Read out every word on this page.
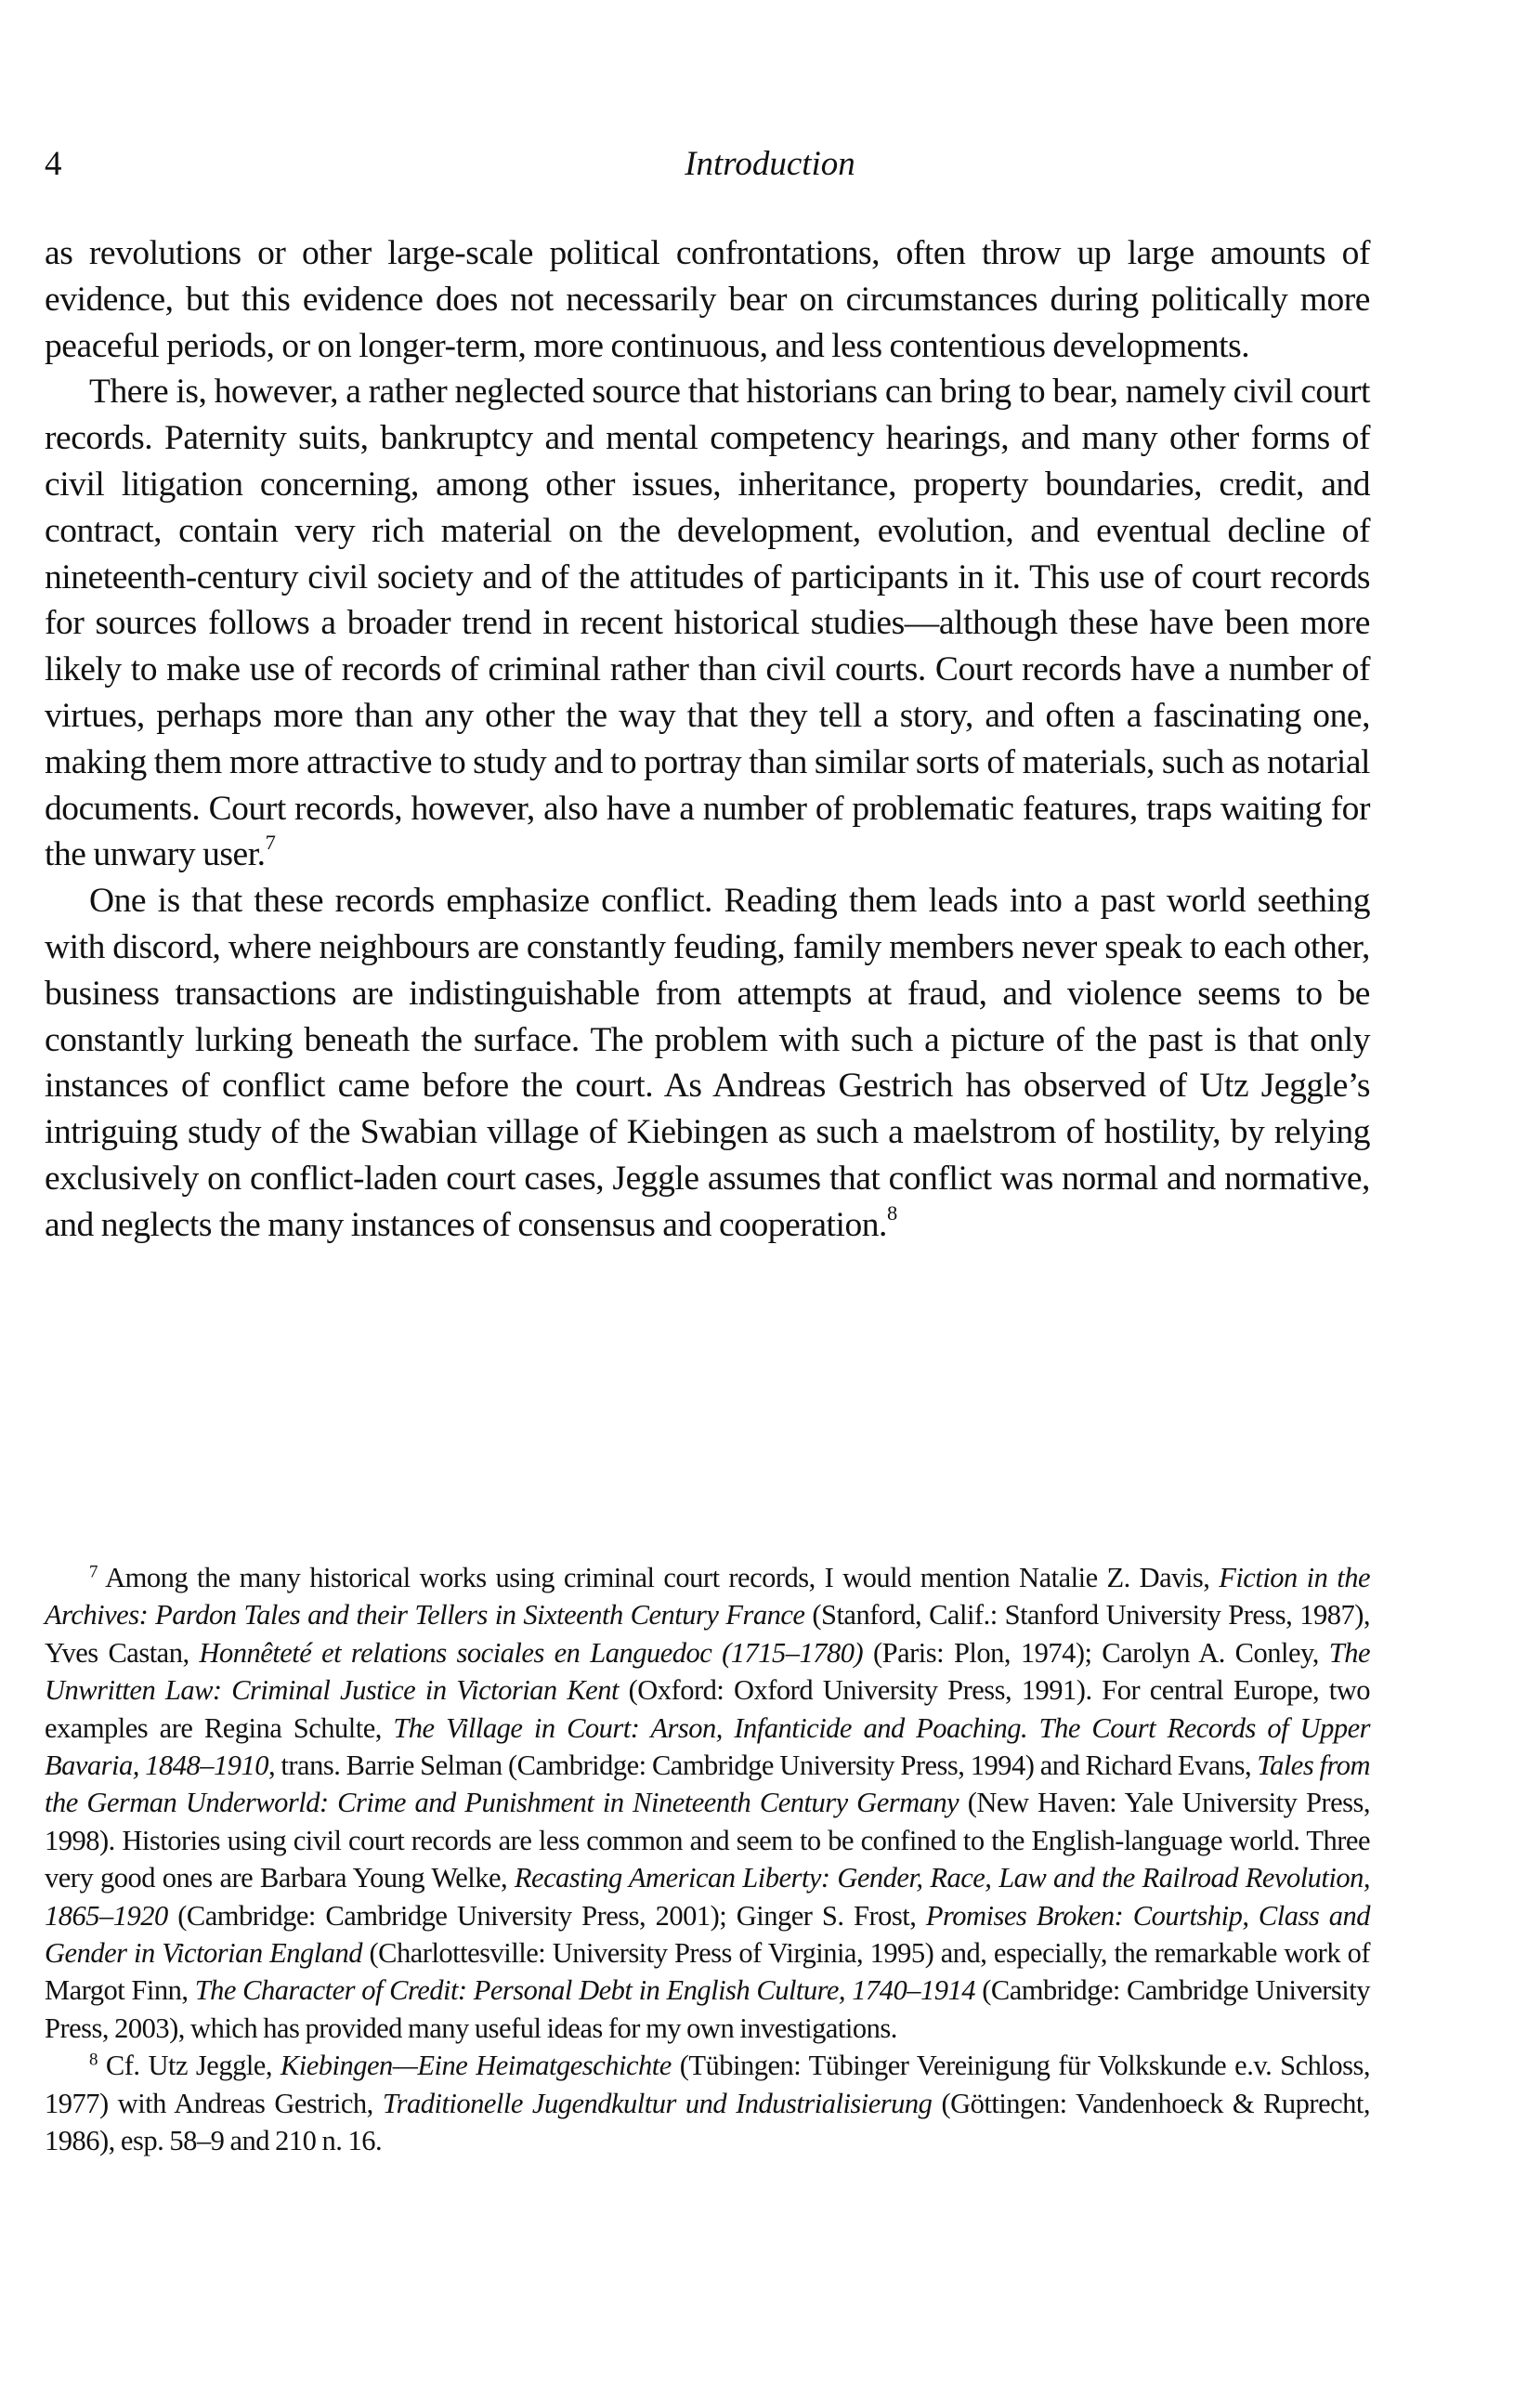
4	Introduction

as revolutions or other large-scale political confrontations, often throw up large amounts of evidence, but this evidence does not necessarily bear on circumstances during politically more peaceful periods, or on longer-term, more continuous, and less contentious developments.

There is, however, a rather neglected source that historians can bring to bear, namely civil court records. Paternity suits, bankruptcy and mental competency hearings, and many other forms of civil litigation concerning, among other issues, inheritance, property boundaries, credit, and contract, contain very rich material on the development, evolution, and eventual decline of nineteenth-century civil society and of the attitudes of participants in it. This use of court records for sources follows a broader trend in recent historical studies—although these have been more likely to make use of records of criminal rather than civil courts. Court records have a number of virtues, perhaps more than any other the way that they tell a story, and often a fascinating one, making them more attractive to study and to portray than similar sorts of materials, such as notarial documents. Court records, however, also have a number of problematic features, traps waiting for the unwary user.$^7$

One is that these records emphasize conflict. Reading them leads into a past world seething with discord, where neighbours are constantly feuding, family members never speak to each other, business transactions are indistinguishable from attempts at fraud, and violence seems to be constantly lurking beneath the surface. The problem with such a picture of the past is that only instances of conflict came before the court. As Andreas Gestrich has observed of Utz Jeggle’s intriguing study of the Swabian village of Kiebingen as such a maelstrom of hostility, by relying exclusively on conflict-laden court cases, Jeggle assumes that conflict was normal and normative, and neglects the many instances of consensus and cooperation.$^8$

$^7$ Among the many historical works using criminal court records, I would mention Natalie Z. Davis, Fiction in the Archives: Pardon Tales and their Tellers in Sixteenth Century France (Stanford, Calif.: Stanford University Press, 1987), Yves Castan, Honnêteté et relations sociales en Languedoc (1715–1780) (Paris: Plon, 1974); Carolyn A. Conley, The Unwritten Law: Criminal Justice in Victorian Kent (Oxford: Oxford University Press, 1991). For central Europe, two examples are Regina Schulte, The Village in Court: Arson, Infanticide and Poaching. The Court Records of Upper Bavaria, 1848–1910, trans. Barrie Selman (Cambridge: Cambridge University Press, 1994) and Richard Evans, Tales from the German Underworld: Crime and Punishment in Nineteenth Century Germany (New Haven: Yale University Press, 1998). Histories using civil court records are less common and seem to be confined to the English-language world. Three very good ones are Barbara Young Welke, Recasting American Liberty: Gender, Race, Law and the Railroad Revolution, 1865–1920 (Cambridge: Cambridge University Press, 2001); Ginger S. Frost, Promises Broken: Courtship, Class and Gender in Victorian England (Charlottesville: University Press of Virginia, 1995) and, especially, the remarkable work of Margot Finn, The Character of Credit: Personal Debt in English Culture, 1740–1914 (Cambridge: Cambridge University Press, 2003), which has provided many useful ideas for my own investigations.

$^8$ Cf. Utz Jeggle, Kiebingen—Eine Heimatgeschichte (Tübingen: Tübinger Vereinigung für Volkskunde e.v. Schloss, 1977) with Andreas Gestrich, Traditionelle Jugendkultur und Industrialisierung (Göttingen: Vandenhoeck & Ruprecht, 1986), esp. 58–9 and 210 n. 16.
